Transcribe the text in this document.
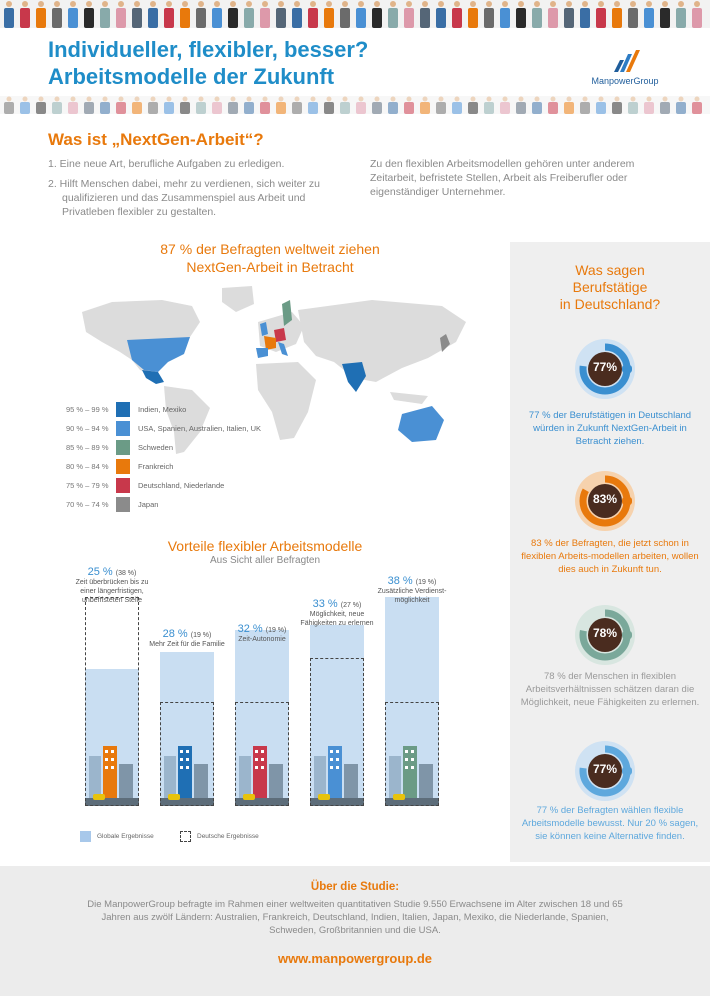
Individueller, flexibler, besser?
Arbeitsmodelle der Zukunft	ManpowerGroup
Was ist „NextGen-Arbeit“?
1. Eine neue Art, berufliche Aufgaben zu erledigen.
2. Hilft Menschen dabei, mehr zu verdienen, sich weiter zu qualifizieren und das Zusammenspiel aus Arbeit und Privatleben flexibler zu gestalten.
Zu den flexiblen Arbeitsmodellen gehören unter anderem Zeitarbeit, befristete Stellen, Arbeit als Freiberufler oder eigenständiger Unternehmer.
87 % der Befragten weltweit ziehen
NextGen-Arbeit in Betracht
95 % – 99 %	Indien, Mexiko
90 % – 94 %	USA, Spanien, Australien, Italien, UK
85 % – 89 %	Schweden
80 % – 84 %	Frankreich
75 % – 79 %	Deutschland, Niederlande
70 % – 74 %	Japan
Was sagen
Berufstätige
in Deutschland?
77%
77 % der Berufstätigen in Deutschland würden in Zukunft NextGen-Arbeit in Betracht ziehen.
83%
83 % der Befragten, die jetzt schon in flexiblen Arbeits-modellen arbeiten, wollen dies auch in Zukunft tun.
78%
78 % der Menschen in flexiblen Arbeitsverhältnissen schätzen daran die Möglichkeit, neue Fähigkeiten zu erlernen.
77%
77 % der Befragten wählen flexible Arbeitsmodelle bewusst. Nur 20 % sagen, sie können keine Alternative finden.
Vorteile flexibler Arbeitsmodelle
Aus Sicht aller Befragten
25 % (38 %)
Zeit überbrücken bis zu einer längerfristigen, unbefristeten Stelle
28 % (19 %)
Mehr Zeit für die Familie
32 % (19 %)
Zeit-Autonomie
33 % (27 %)
Möglichkeit, neue Fähigkeiten zu erlernen
38 % (19 %)
Zusätzliche Verdienst-möglichkeit
Globale Ergebnisse	Deutsche Ergebnisse
Über die Studie:
Die ManpowerGroup befragte im Rahmen einer weltweiten quantitativen Studie 9.550 Erwachsene im Alter zwischen 18 und 65 Jahren aus zwölf Ländern: Australien, Frankreich, Deutschland, Indien, Italien, Japan, Mexiko, die Niederlande, Spanien, Schweden, Großbritannien und die USA.
www.manpowergroup.de
